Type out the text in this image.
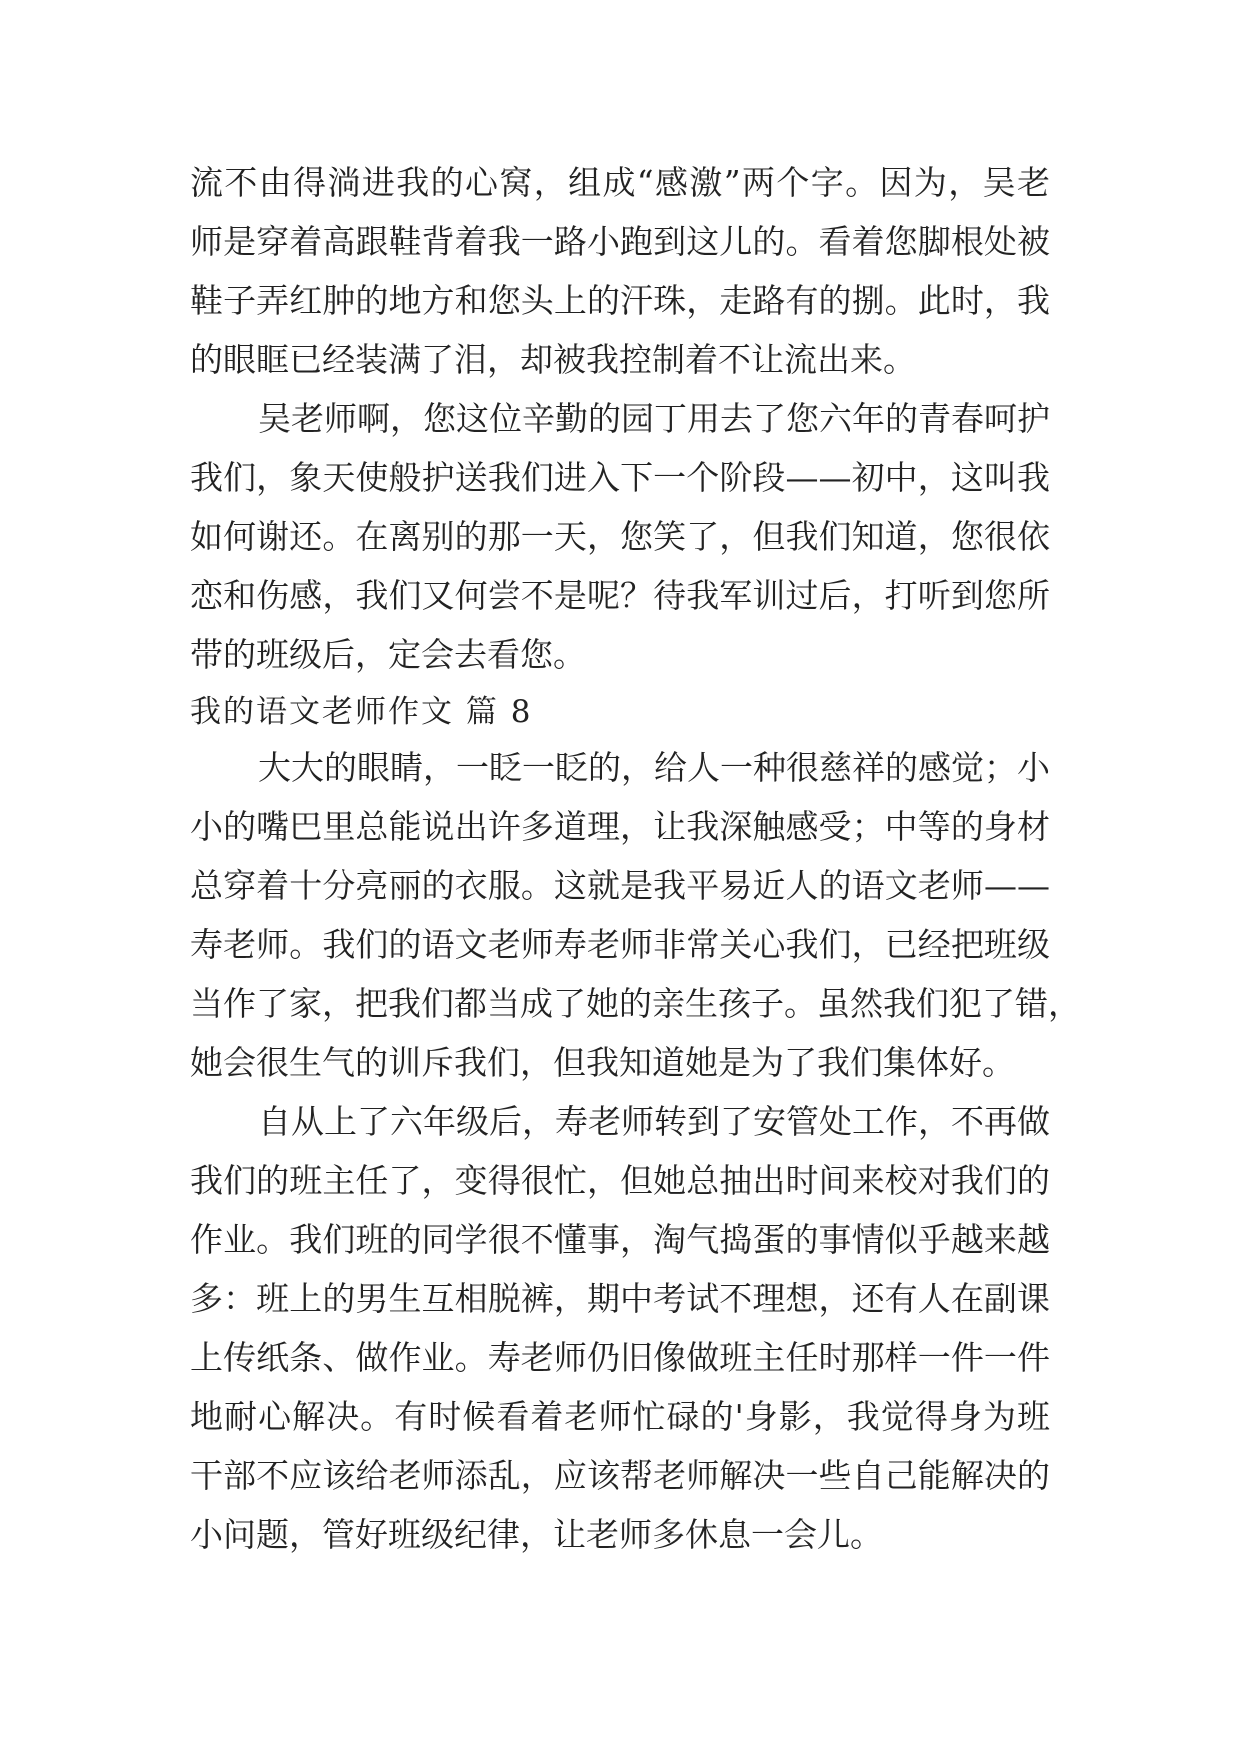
流不由得淌进我的心窝，组成“感激”两个字。因为，吴老
师是穿着高跟鞋背着我一路小跑到这儿的。看着您脚根处被
鞋子弄红肿的地方和您头上的汗珠，走路有的捌。此时，我
的眼眶已经装满了泪，却被我控制着不让流出来。
吴老师啊，您这位辛勤的园丁用去了您六年的青春呵护
我们，象天使般护送我们进入下一个阶段——初中，这叫我
如何谢还。在离别的那一天，您笑了，但我们知道，您很依
恋和伤感，我们又何尝不是呢？待我军训过后，打听到您所
带的班级后，定会去看您。
我的语文老师作文 篇 8
大大的眼睛，一眨一眨的，给人一种很慈祥的感觉；小
小的嘴巴里总能说出许多道理，让我深触感受；中等的身材
总穿着十分亮丽的衣服。这就是我平易近人的语文老师——
寿老师。我们的语文老师寿老师非常关心我们，已经把班级
当作了家，把我们都当成了她的亲生孩子。虽然我们犯了错，
她会很生气的训斥我们，但我知道她是为了我们集体好。
自从上了六年级后，寿老师转到了安管处工作，不再做
我们的班主任了，变得很忙，但她总抽出时间来校对我们的
作业。我们班的同学很不懂事，淘气捣蛋的事情似乎越来越
多：班上的男生互相脱裤，期中考试不理想，还有人在副课
上传纸条、做作业。寿老师仍旧像做班主任时那样一件一件
地耐心解决。有时候看着老师忙碌的'身影，我觉得身为班
干部不应该给老师添乱，应该帮老师解决一些自己能解决的
小问题，管好班级纪律，让老师多休息一会儿。
